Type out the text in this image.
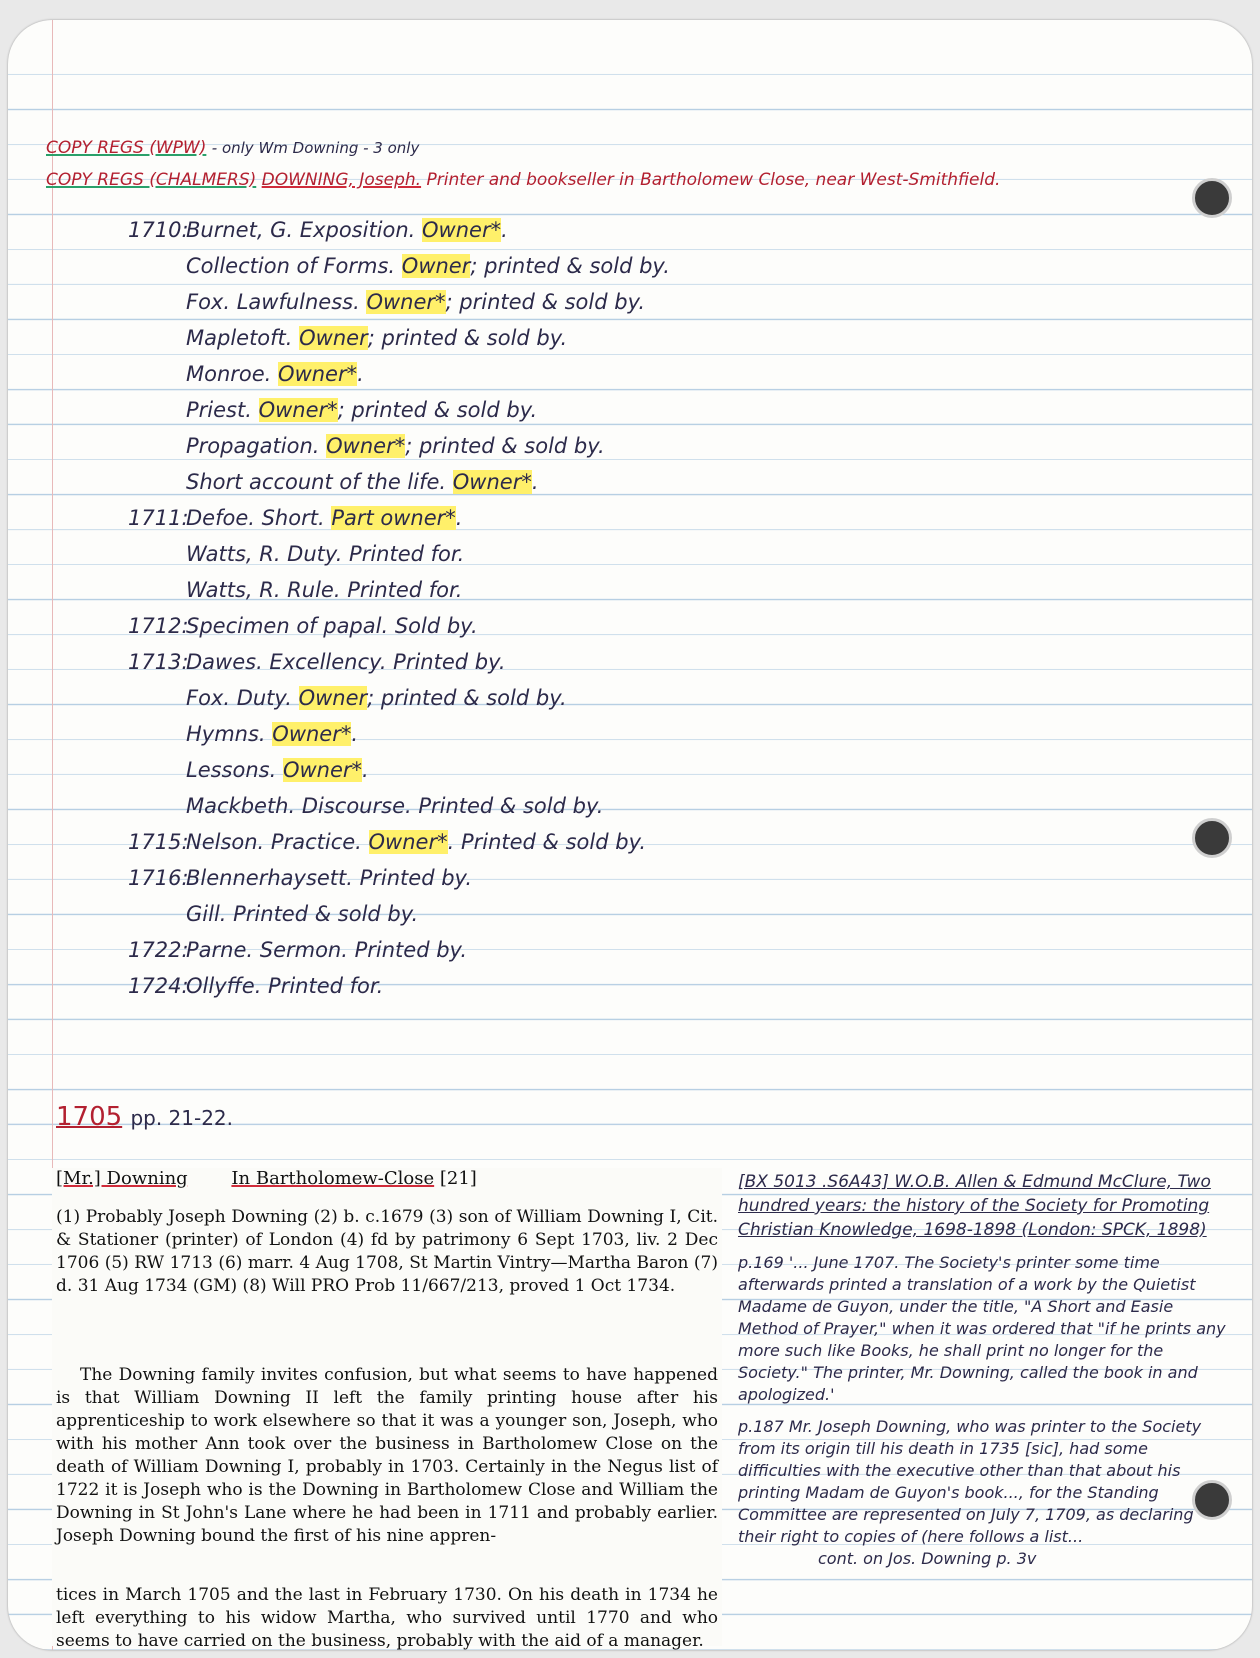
COPY REGS (WPW) - only Wm Downing - 3 only
COPY REGS (CHALMERS) DOWNING, Joseph. Printer and bookseller in Bartholomew Close, near West-Smithfield.
1710:Burnet, G. Exposition. Owner*.
Collection of Forms. Owner; printed & sold by.
Fox. Lawfulness. Owner*; printed & sold by.
Mapletoft. Owner; printed & sold by.
Monroe. Owner*.
Priest. Owner*; printed & sold by.
Propagation. Owner*; printed & sold by.
Short account of the life. Owner*.
1711:Defoe. Short. Part owner*.
Watts, R. Duty. Printed for.
Watts, R. Rule. Printed for.
1712:Specimen of papal. Sold by.
1713:Dawes. Excellency. Printed by.
Fox. Duty. Owner; printed & sold by.
Hymns. Owner*.
Lessons. Owner*.
Mackbeth. Discourse. Printed & sold by.
1715:Nelson. Practice. Owner*. Printed & sold by.
1716:Blennerhaysett. Printed by.
Gill. Printed & sold by.
1722:Parne. Sermon. Printed by.
1724:Ollyffe. Printed for.
1705 pp. 21-22.
[Mr.] Downing In Bartholomew-Close [21]

(1) Probably Joseph Downing (2) b. c.1679 (3) son of William Downing I, Cit. & Stationer (printer) of London (4) fd by patrimony 6 Sept 1703, liv. 2 Dec 1706 (5) RW 1713 (6) marr. 4 Aug 1708, St Martin Vintry—Martha Baron (7) d. 31 Aug 1734 (GM) (8) Will PRO Prob 11/667/213, proved 1 Oct 1734.

The Downing family invites confusion, but what seems to have happened is that William Downing II left the family printing house after his apprenticeship to work elsewhere so that it was a younger son, Joseph, who with his mother Ann took over the business in Bartholomew Close on the death of William Downing I, probably in 1703. Certainly in the Negus list of 1722 it is Joseph who is the Downing in Bartholomew Close and William the Downing in St John's Lane where he had been in 1711 and probably earlier. Joseph Downing bound the first of his nine appren-

tices in March 1705 and the last in February 1730. On his death in 1734 he left everything to his widow Martha, who survived until 1770 and who seems to have carried on the business, probably with the aid of a manager.

[BX 5013 .S6A43] W.O.B. Allen & Edmund McClure, Two hundred years: the history of the Society for Promoting Christian Knowledge, 1698-1898 (London: SPCK, 1898)
p.169 '... June 1707. The Society's printer some time afterwards printed a translation of a work by the Quietist Madame de Guyon, under the title, "A Short and Easie Method of Prayer," when it was ordered that "if he prints any more such like Books, he shall print no longer for the Society." The printer, Mr. Downing, called the book in and apologized.'
p.187 Mr. Joseph Downing, who was printer to the Society from its origin till his death in 1735 [sic], had some difficulties with the executive other than that about his printing Madam de Guyon's book..., for the Standing Committee are represented on July 7, 1709, as declaring their right to copies of (here follows a list...
cont. on Jos. Downing p. 3v
